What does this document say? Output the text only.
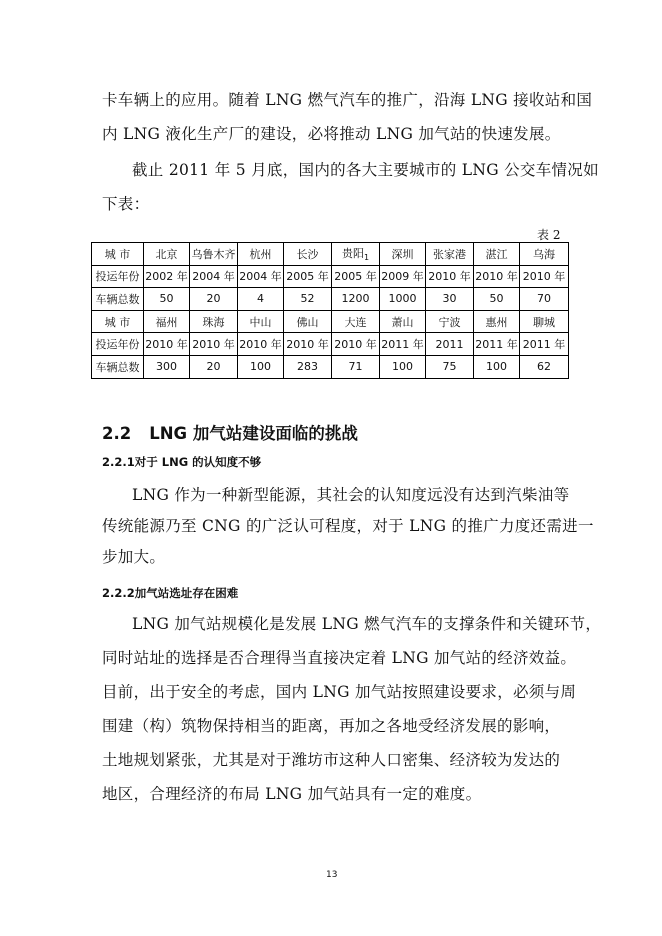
卡车辆上的应用。随着 LNG 燃气汽车的推广，沿海 LNG 接收站和国
内 LNG 液化生产厂的建设，必将推动 LNG 加气站的快速发展。
截止 2011 年 5 月底，国内的各大主要城市的 LNG 公交车情况如
下表：
表 2
城 市	北京	乌鲁木齐	杭州	长沙	贵阳$_1$	深圳	张家港	湛江	乌海
投运年份	2002 年	2004 年	2004 年	2005 年	2005 年	2009 年	2010 年	2010 年	2010 年
车辆总数	50	20	4	52	1200	1000	30	50	70
城 市	福州	珠海	中山	佛山	大连	萧山	宁波	惠州	聊城
投运年份	2010 年	2010 年	2010 年	2010 年	2010 年	2011 年	2011	2011 年	2011 年
车辆总数	300	20	100	283	71	100	75	100	62
2.2 LNG 加气站建设面临的挑战
2.2.1对于 LNG 的认知度不够
LNG 作为一种新型能源，其社会的认知度远没有达到汽柴油等
传统能源乃至 CNG 的广泛认可程度，对于 LNG 的推广力度还需进一
步加大。
2.2.2加气站选址存在困难
LNG 加气站规模化是发展 LNG 燃气汽车的支撑条件和关键环节，
同时站址的选择是否合理得当直接决定着 LNG 加气站的经济效益。
目前，出于安全的考虑，国内 LNG 加气站按照建设要求，必须与周
围建（构）筑物保持相当的距离，再加之各地受经济发展的影响，
土地规划紧张，尤其是对于潍坊市这种人口密集、经济较为发达的
地区，合理经济的布局 LNG 加气站具有一定的难度。
13
